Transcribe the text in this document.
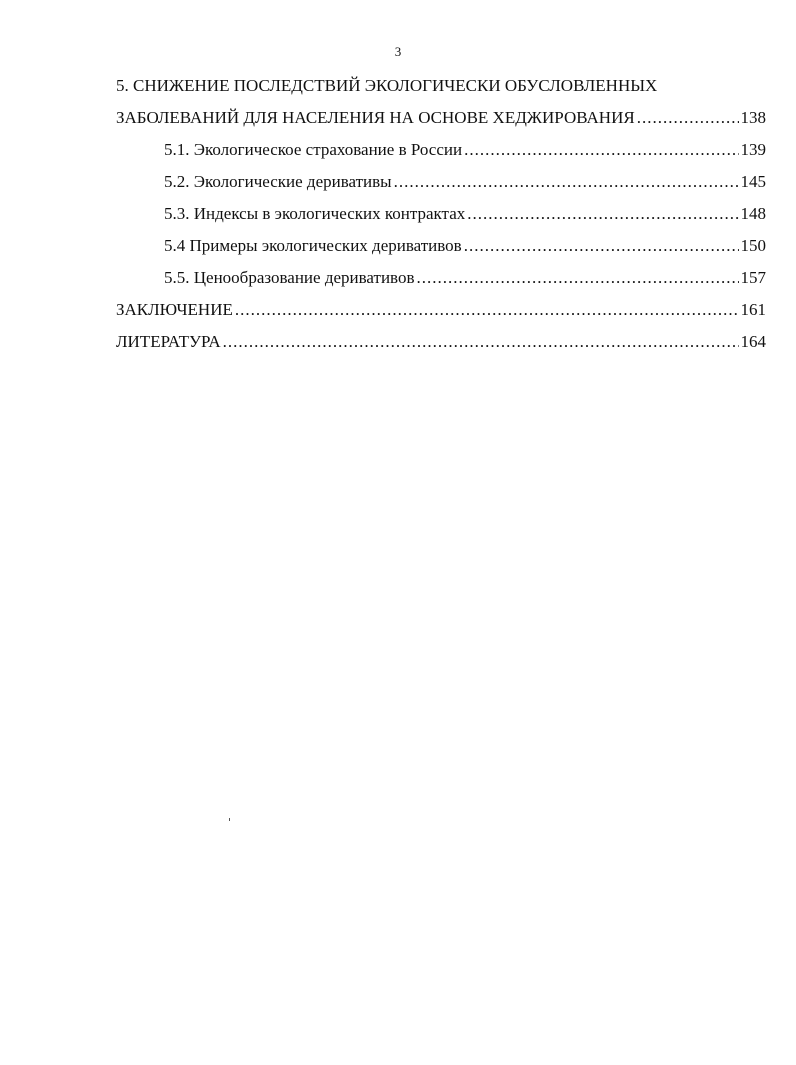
3
5. СНИЖЕНИЕ ПОСЛЕДСТВИЙ ЭКОЛОГИЧЕСКИ ОБУСЛОВЛЕННЫХ
ЗАБОЛЕВАНИЙ ДЛЯ НАСЕЛЕНИЯ НА ОСНОВЕ ХЕДЖИРОВАНИЯ .....	138
5.1. Экологическое страхование в России .....	139
5.2. Экологические деривативы .....	145
5.3. Индексы в экологических контрактах .....	148
5.4 Примеры экологических деривативов .....	150
5.5. Ценообразование деривативов .....	157
ЗАКЛЮЧЕНИЕ .....	161
ЛИТЕРАТУРА .....	164
